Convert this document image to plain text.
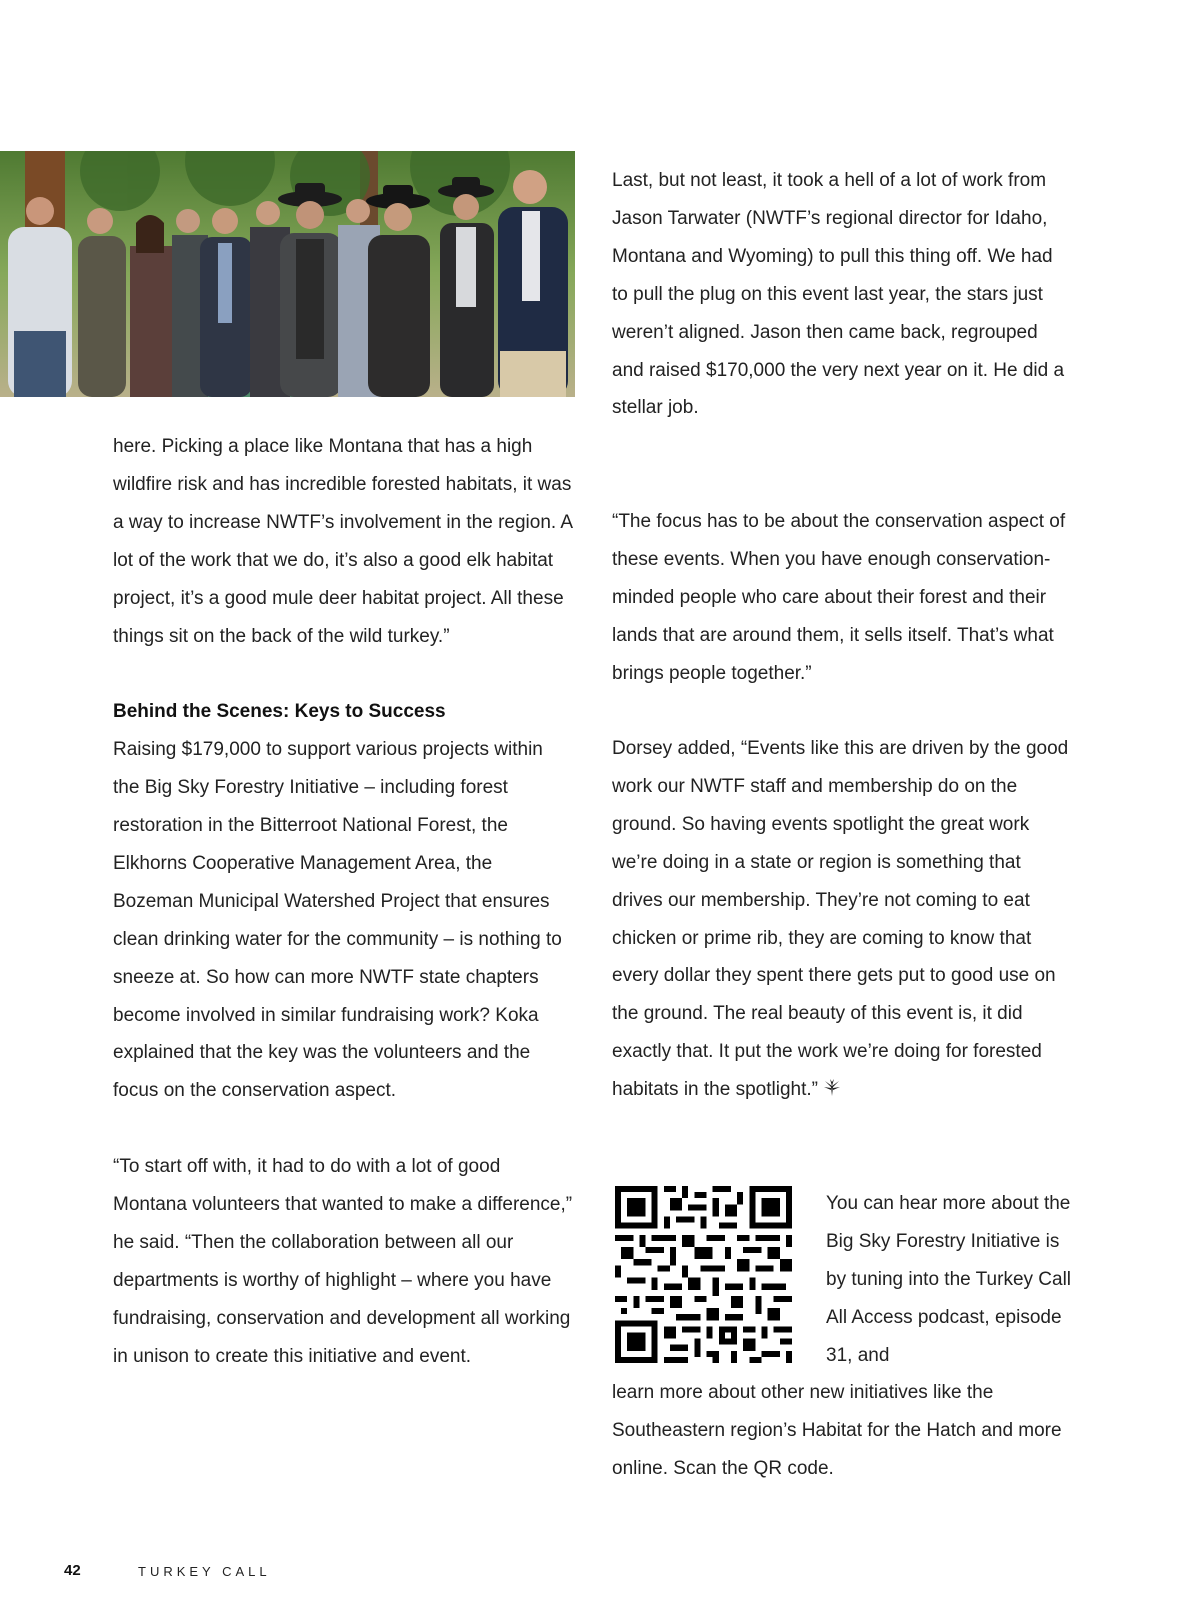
here. Picking a place like Montana that has a high wildfire risk and has incredible forested habitats, it was a way to increase NWTF’s involvement in the region. A lot of the work that we do, it’s also a good elk habitat project, it’s a good mule deer habitat project. All these things sit on the back of the wild turkey.”

Behind the Scenes: Keys to Success

Raising $179,000 to support various projects within the Big Sky Forestry Initiative – including forest restoration in the Bitterroot National Forest, the Elkhorns Cooperative Management Area, the Bozeman Municipal Watershed Project that ensures clean drinking water for the community – is nothing to sneeze at. So how can more NWTF state chapters become involved in similar fundraising work? Koka explained that the key was the volunteers and the focus on the conservation aspect.

“To start off with, it had to do with a lot of good Montana volunteers that wanted to make a difference,” he said. “Then the collaboration between all our departments is worthy of highlight – where you have fundraising, conservation and development all working in unison to create this initiative and event.

Last, but not least, it took a hell of a lot of work from Jason Tarwater (NWTF’s regional director for Idaho, Montana and Wyoming) to pull this thing off. We had to pull the plug on this event last year, the stars just weren’t aligned. Jason then came back, regrouped and raised $170,000 the very next year on it. He did a stellar job.

“The focus has to be about the conservation aspect of these events. When you have enough conservation-minded people who care about their forest and their lands that are around them, it sells itself. That’s what brings people together.”

Dorsey added, “Events like this are driven by the good work our NWTF staff and membership do on the ground. So having events spotlight the great work we’re doing in a state or region is something that drives our membership. They’re not coming to eat chicken or prime rib, they are coming to know that every dollar they spent there gets put to good use on the ground. The real beauty of this event is, it did exactly that. It put the work we’re doing for forested habitats in the spotlight.”

You can hear more about the Big Sky Forestry Initiative is by tuning into the Turkey Call All Access podcast, episode 31, and

learn more about other new initiatives like the Southeastern region’s Habitat for the Hatch and more online. Scan the QR code.

42	TURKEY CALL
